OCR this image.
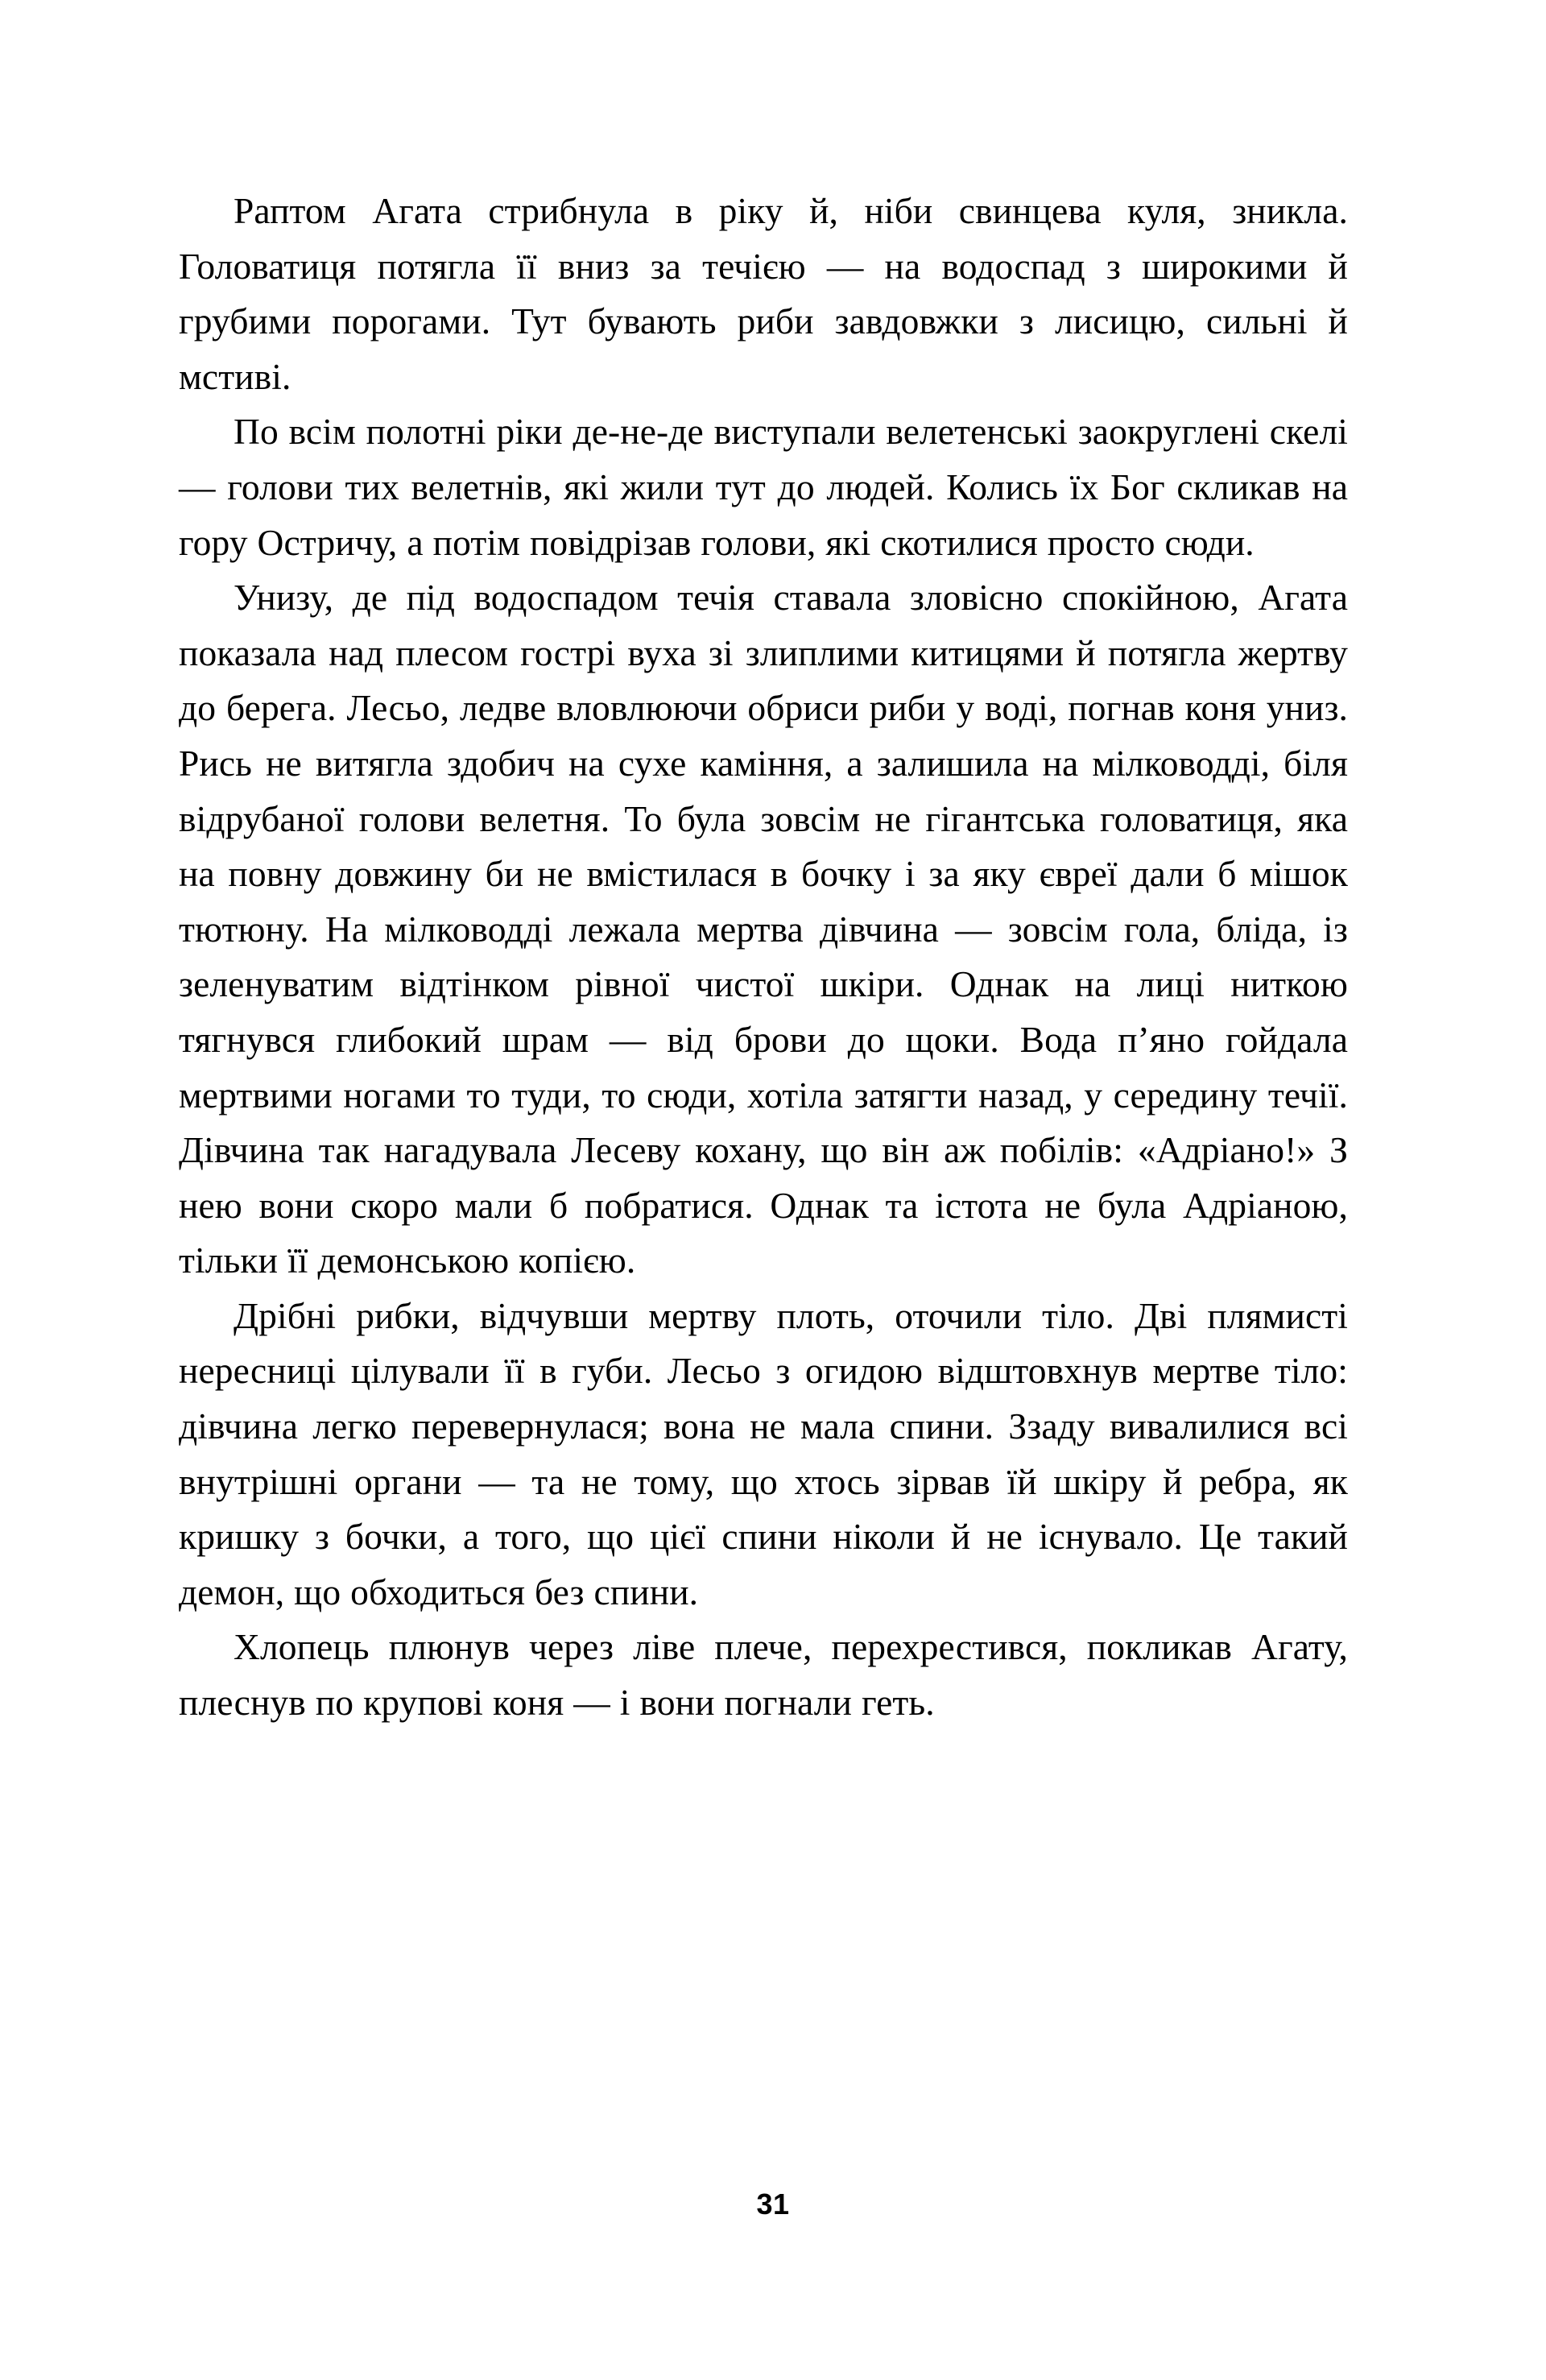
Раптом Агата стрибнула в ріку й, ніби свинцева куля, зникла. Головатиця потягла її вниз за течією — на водоспад з широкими й грубими порогами. Тут бувають риби завдовжки з лисицю, сильні й мстиві.

По всім полотні ріки де-не-де виступали велетенські заокруглені скелі — голови тих велетнів, які жили тут до людей. Колись їх Бог скликав на гору Остричу, а потім повідрізав голови, які скотилися просто сюди.

Унизу, де під водоспадом течія ставала зловісно спокійною, Агата показала над плесом гострі вуха зі злиплими китицями й потягла жертву до берега. Лесьо, ледве вловлюючи обриси риби у воді, погнав коня униз. Рись не витягла здобич на сухе каміння, а залишила на мілководді, біля відрубаної голови велетня. То була зовсім не гігантська головатиця, яка на повну довжину би не вмістилася в бочку і за яку євреї дали б мішок тютюну. На мілководді лежала мертва дівчина — зовсім гола, бліда, із зеленуватим відтінком рівної чистої шкіри. Однак на лиці ниткою тягнувся глибокий шрам — від брови до щоки. Вода п’яно гойдала мертвими ногами то туди, то сюди, хотіла затягти назад, у середину течії. Дівчина так нагадувала Лесеву кохану, що він аж побілів: «Адріано!» З нею вони скоро мали б побратися. Однак та істота не була Адріаною, тільки її демонською копією.

Дрібні рибки, відчувши мертву плоть, оточили тіло. Дві плямисті нересниці цілували її в губи. Лесьо з огидою відштовхнув мертве тіло: дівчина легко перевернулася; вона не мала спини. Ззаду вивалилися всі внутрішні органи — та не тому, що хтось зірвав їй шкіру й ребра, як кришку з бочки, а того, що цієї спини ніколи й не існувало. Це такий демон, що обходиться без спини.

Хлопець плюнув через ліве плече, перехрестився, покликав Агату, плеснув по крупові коня — і вони погнали геть.

31
